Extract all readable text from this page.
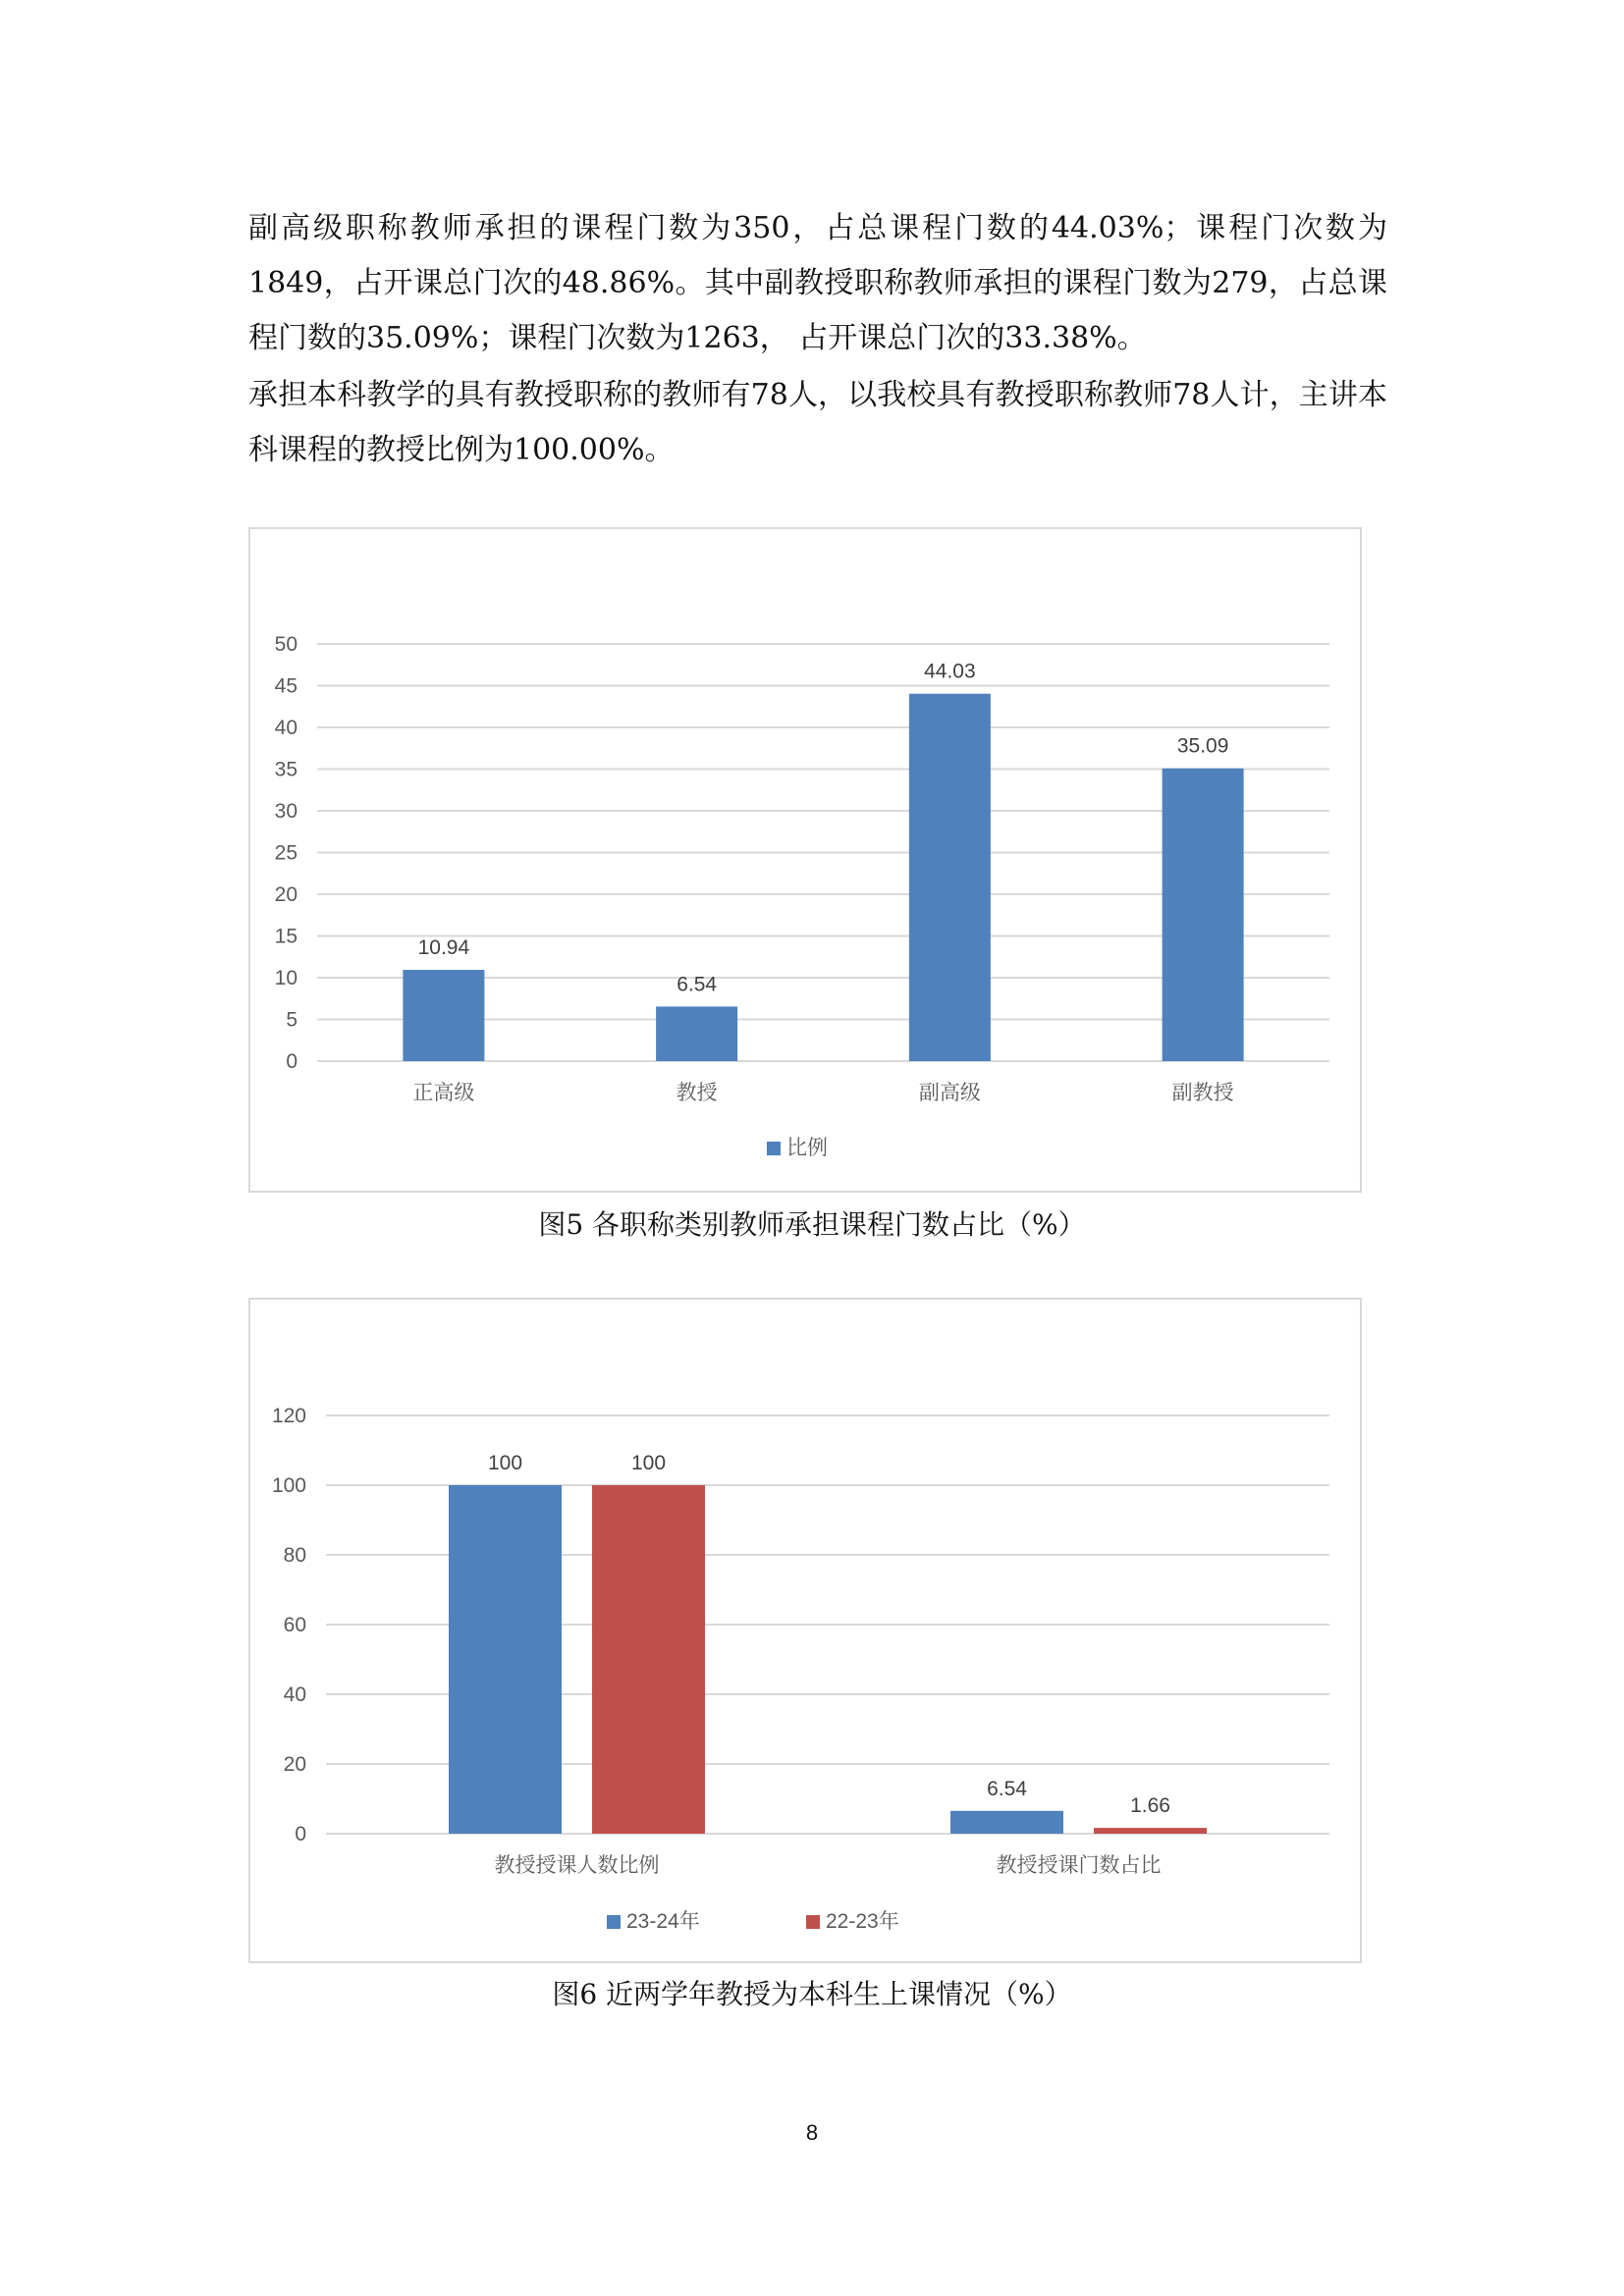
副高级职称教师承担的课程门数为350，占总课程门数的44.03%；课程门次数为1849，占开课总门次的48.86%。其中副教授职称教师承担的课程门数为279，占总课程门数的35.09%；课程门次数为1263， 占开课总门次的33.38%。

承担本科教学的具有教授职称的教师有78人，以我校具有教授职称教师78人计，主讲本科课程的教授比例为100.00%。

0
5
10
15
20
25
30
35
40
45
50
10.94
正高级
6.54
教授
44.03
副高级
35.09
副教授
比例
图5 各职称类别教师承担课程门数占比（%）
0
20
40
60
80
100
120
100	100
教授授课人数比例
6.54
1.66
教授授课门数占比
23-24年	22-23年
图6 近两学年教授为本科生上课情况（%）
8
